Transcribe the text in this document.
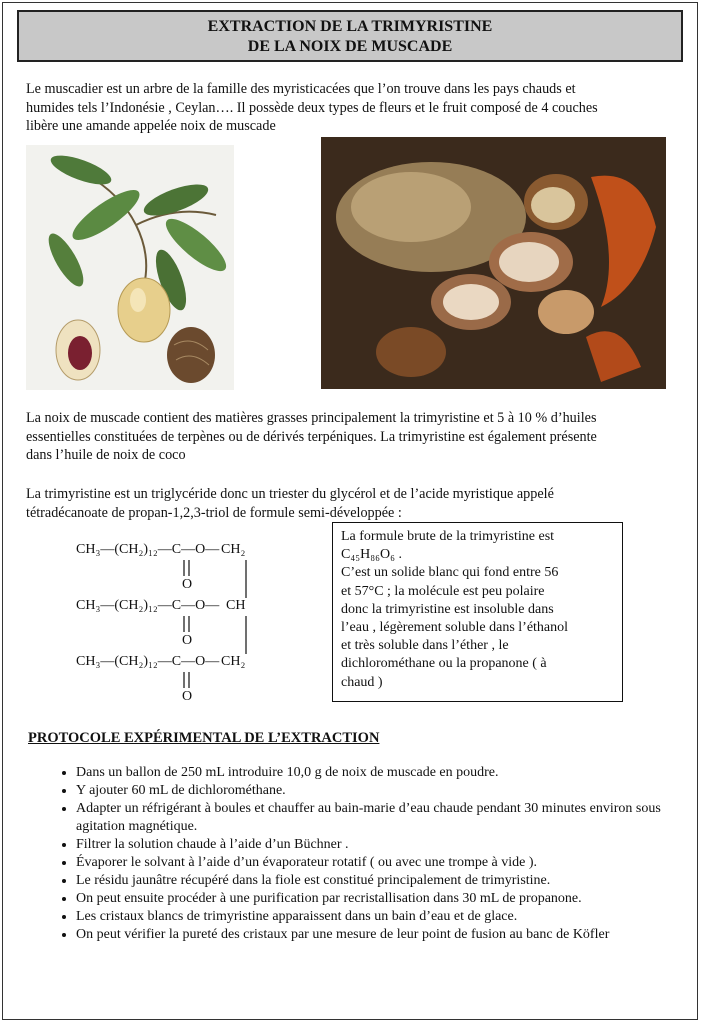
EXTRACTION DE LA TRIMYRISTINE
DE LA NOIX DE MUSCADE
Le muscadier est un arbre de la famille des myristicacées que l’on trouve dans les pays chauds et
humides tels l’Indonésie , Ceylan…. Il possède deux types de fleurs et le fruit composé de 4 couches
libère une amande appelée noix de muscade
La noix de muscade contient des matières grasses principalement la trimyristine et 5 à 10 % d’huiles
essentielles constituées de terpènes ou de dérivés terpéniques. La trimyristine est également présente
dans l’huile de noix de coco
La trimyristine est un triglycéride donc un triester du glycérol et de l’acide myristique appelé
tétradécanoate de propan-1,2,3-triol de formule semi-développée :
CH₃—(CH₂)₁₂—C—O— CH₂
O
CH₃—(CH₂)₁₂—C—O— CH
O
CH₃—(CH₂)₁₂—C—O— CH₂
O
La formule brute de la trimyristine est
C₄₅H₈₆O₆ .
C’est un solide blanc qui fond entre 56
et 57°C ; la molécule est peu polaire
donc la trimyristine est insoluble dans
l’eau , légèrement soluble dans l’éthanol
et très soluble dans l’éther , le
dichlorométhane ou la propanone ( à
chaud )
PROTOCOLE EXPÉRIMENTAL DE L’EXTRACTION
• Dans un ballon de 250 mL introduire 10,0 g de noix de muscade en poudre.
• Y ajouter 60 mL de dichlorométhane.
• Adapter un réfrigérant à boules et chauffer au bain-marie d’eau chaude pendant 30 minutes environ sous agitation magnétique.
• Filtrer la solution chaude à l’aide d’un Büchner .
• Évaporer le solvant à l’aide d’un évaporateur rotatif ( ou avec une trompe à vide ).
• Le résidu jaunâtre récupéré dans la fiole est constitué principalement de trimyristine.
• On peut ensuite procéder à une purification par recristallisation dans 30 mL de propanone.
• Les cristaux blancs de trimyristine apparaissent dans un bain d’eau et de glace.
• On peut vérifier la pureté des cristaux par une mesure de leur point de fusion au banc de Köfler
